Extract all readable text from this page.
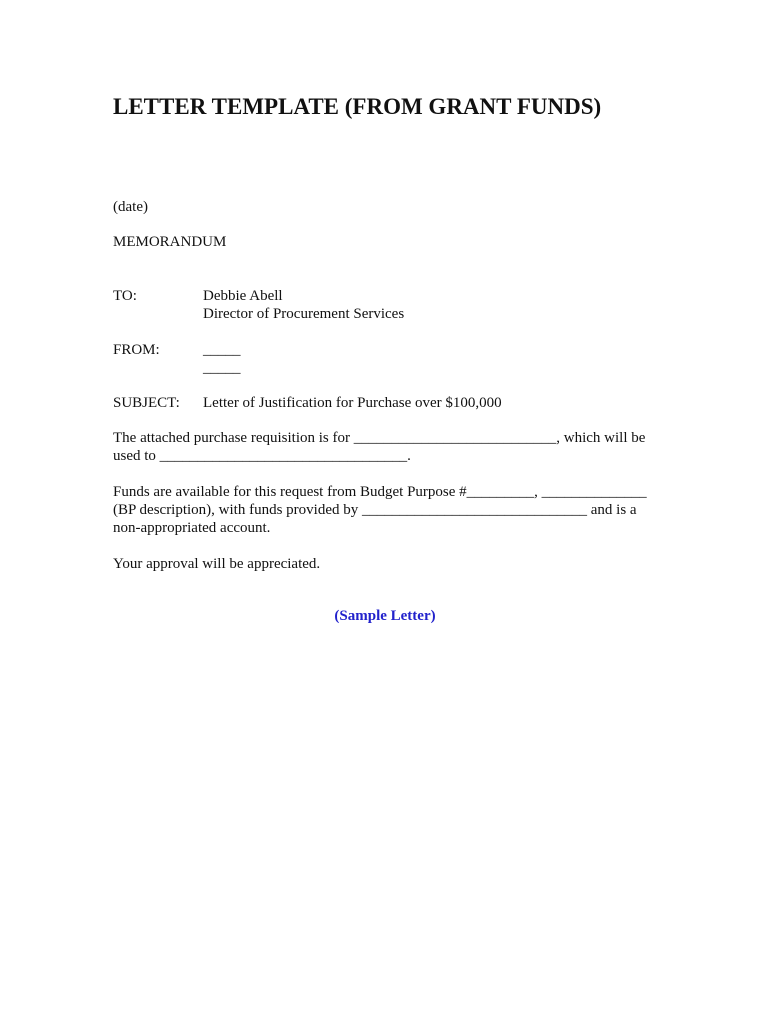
LETTER TEMPLATE (FROM GRANT FUNDS)
(date)
MEMORANDUM
TO:	Debbie Abell
Director of Procurement Services
FROM:	_____
_____
SUBJECT: Letter of Justification for Purchase over $100,000
The attached purchase requisition is for ___________________________, which will be
used to _________________________________.
Funds are available for this request from Budget Purpose #_________, ______________
(BP description), with funds provided by ______________________________ and is a
non-appropriated account.
Your approval will be appreciated.
(Sample Letter)
